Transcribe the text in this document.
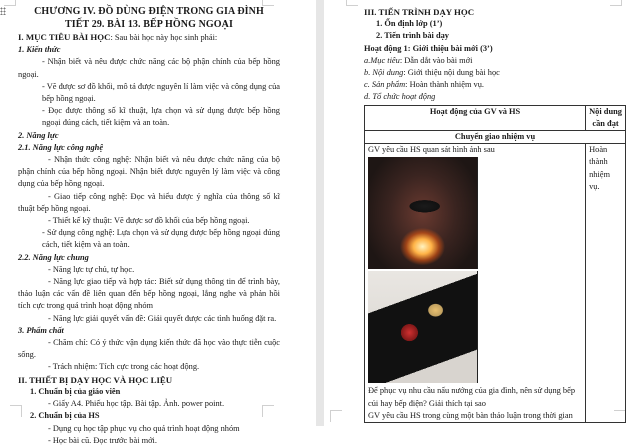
CHƯƠNG IV. ĐỒ DÙNG ĐIỆN TRONG GIA ĐÌNH
TIẾT 29. BÀI 13. BẾP HỒNG NGOẠI
I. MỤC TIÊU BÀI HỌC: Sau bài học này học sinh phải:
1. Kiến thức
- Nhận biết và nêu được chức năng các bộ phận chính của bếp hồng ngoại.
- Vẽ được sơ đồ khối, mô tả được nguyên lí làm việc và công dụng của bếp hồng ngoại.
- Đọc được thông số kĩ thuật, lựa chọn và sử dụng được bếp hồng ngoại đúng cách, tiết kiệm và an toàn.
2. Năng lực
2.1. Năng lực công nghệ
- Nhận thức công nghệ: Nhận biết và nêu được chức năng của bộ phận chính của bếp hồng ngoại. Nhận biết được nguyên lý làm việc và công dụng của bếp hồng ngoại.
- Giao tiếp công nghệ: Đọc và hiểu được ý nghĩa của thông số kĩ thuật bếp hồng ngoại.
- Thiết kế kỹ thuật: Vẽ được sơ đồ khối của bếp hồng ngoại.
- Sử dụng công nghệ: Lựa chọn và sử dụng được bếp hồng ngoại đúng cách, tiết kiệm và an toàn.
2.2. Năng lực chung
- Năng lực tự chủ, tự học.
- Năng lực giao tiếp và hợp tác: Biết sử dụng thông tin để trình bày, thảo luận các vấn đề liên quan đến bếp hồng ngoại, lắng nghe và phản hồi tích cực trong quá trình hoạt động nhóm
- Năng lực giải quyết vấn đề: Giải quyết được các tình huống đặt ra.
3. Phẩm chất
- Chăm chỉ: Có ý thức vận dụng kiến thức đã học vào thực tiễn cuộc sống.
- Trách nhiệm: Tích cực trong các hoạt động.
II. THIẾT BỊ DẠY HỌC VÀ HỌC LIỆU
1. Chuẩn bị của giáo viên
- Giấy A4. Phiếu học tập. Bài tập. Ảnh. power point.
2. Chuẩn bị của HS
- Dụng cụ học tập phục vụ cho quá trình hoạt động nhóm
- Học bài cũ. Đọc trước bài mới.
III. TIẾN TRÌNH DẠY HỌC
1. Ổn định lớp (1’)
2. Tiến trình bài dạy
Hoạt động 1: Giới thiệu bài mới (3’)
a.Mục tiêu: Dẫn dắt vào bài mới
b. Nội dung: Giới thiệu nội dung bài học
c. Sản phẩm: Hoàn thành nhiệm vụ.
d. Tổ chức hoạt động
Hoạt động của GV và HS	Nội dung cần đạt
Chuyển giao nhiệm vụ	

GV yêu cầu HS quan sát hình ảnh sau
Để phục vụ nhu cầu nấu nướng của gia đình, nên sử dụng bếp củi hay bếp điện? Giải thích tại sao
GV yêu cầu HS trong cùng một bàn thảo luận trong thời gian	Hoàn thành nhiệm vụ.
